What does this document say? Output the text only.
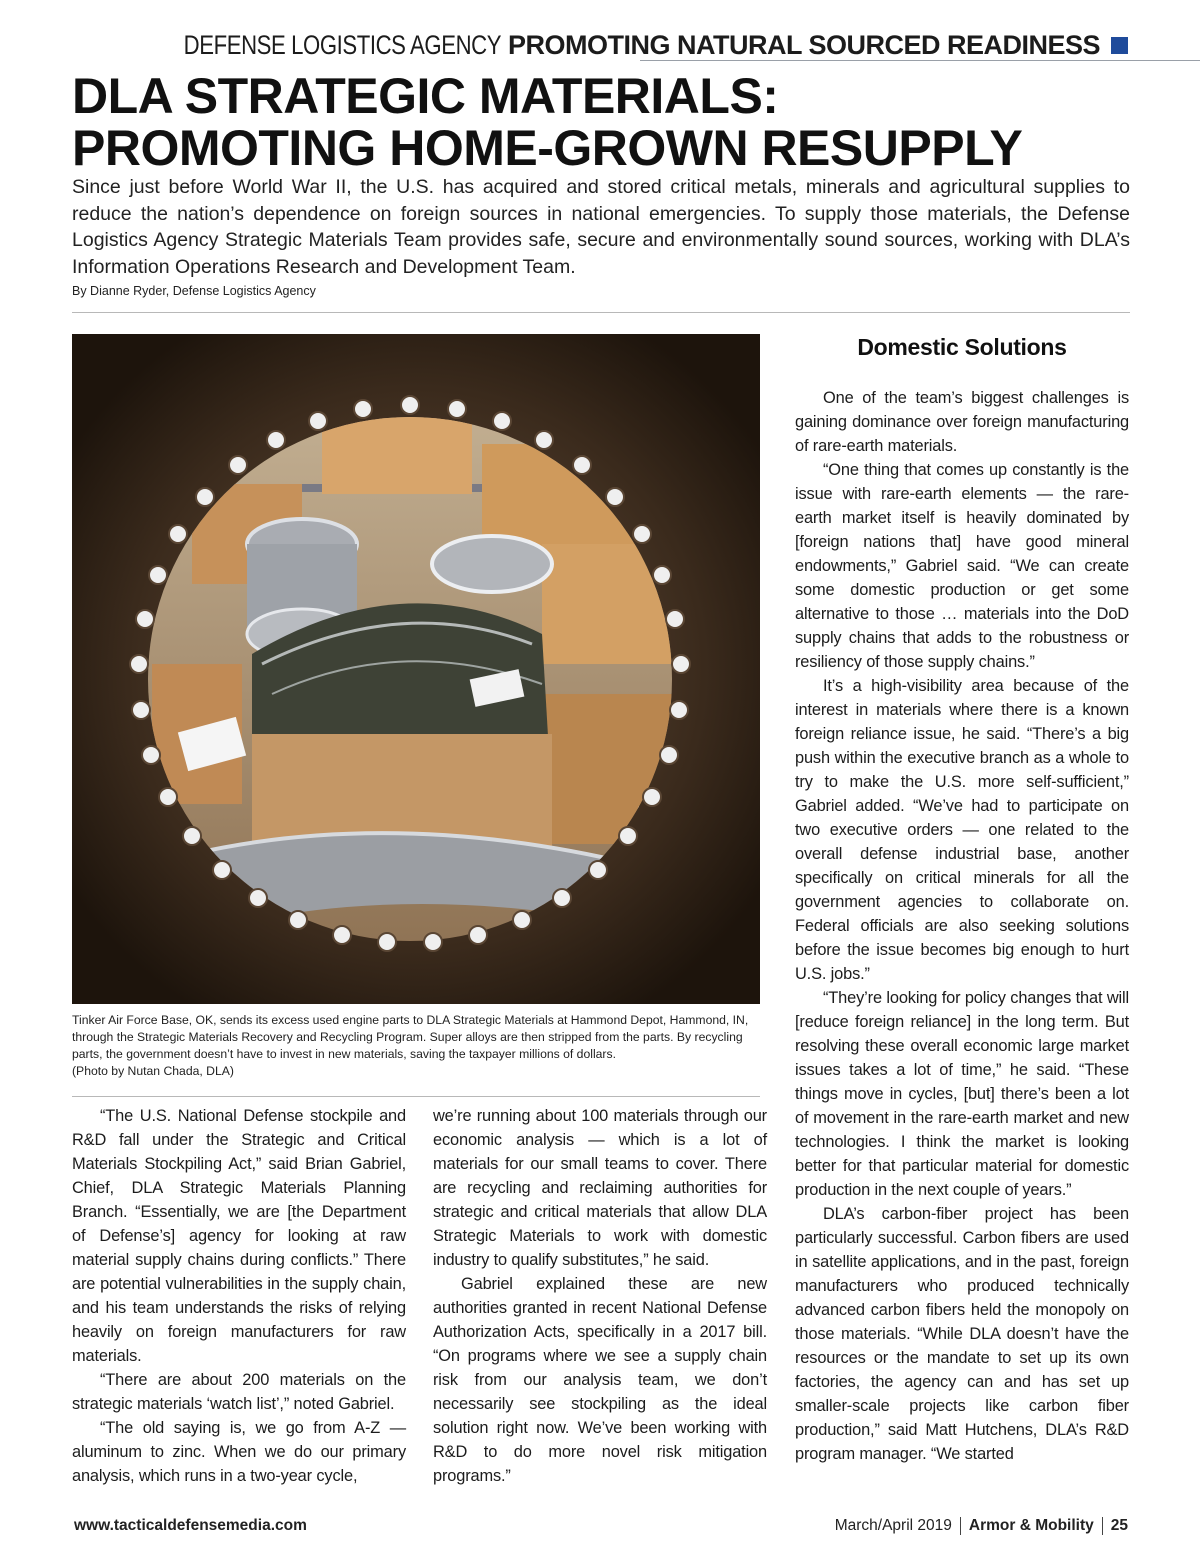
DEFENSE LOGISTICS AGENCY PROMOTING NATURAL SOURCED READINESS
DLA STRATEGIC MATERIALS:
PROMOTING HOME-GROWN RESUPPLY

Since just before World War II, the U.S. has acquired and stored critical metals, minerals and agricultural supplies to reduce the nation’s dependence on foreign sources in national emergencies. To supply those materials, the Defense Logistics Agency Strategic Materials Team provides safe, secure and environmentally sound sources, working with DLA’s Information Operations Research and Development Team.

By Dianne Ryder, Defense Logistics Agency

Tinker Air Force Base, OK, sends its excess used engine parts to DLA Strategic Materials at Hammond Depot, Hammond, IN, through the Strategic Materials Recovery and Recycling Program. Super alloys are then stripped from the parts. By recycling parts, the government doesn’t have to invest in new materials, saving the taxpayer millions of dollars.

(Photo by Nutan Chada, DLA)

“The U.S. National Defense stockpile and R&D fall under the Strategic and Critical Materials Stockpiling Act,” said Brian Gabriel, Chief, DLA Strategic Materials Planning Branch. “Essentially, we are [the Department of Defense’s] agency for looking at raw material supply chains during conflicts.” There are potential vulnerabilities in the supply chain, and his team understands the risks of relying heavily on foreign manufacturers for raw materials.

“There are about 200 materials on the strategic materials ‘watch list’,” noted Gabriel.

“The old saying is, we go from A-Z — aluminum to zinc. When we do our primary analysis, which runs in a two-year cycle,

we’re running about 100 materials through our economic analysis — which is a lot of materials for our small teams to cover. There are recycling and reclaiming authorities for strategic and critical materials that allow DLA Strategic Materials to work with domestic industry to qualify substitutes,” he said.

Gabriel explained these are new authorities granted in recent National Defense Authorization Acts, specifically in a 2017 bill. “On programs where we see a supply chain risk from our analysis team, we don’t necessarily see stockpiling as the ideal solution right now. We’ve been working with R&D to do more novel risk mitigation programs.”

Domestic Solutions

One of the team’s biggest challenges is gaining dominance over foreign manufacturing of rare-earth materials.

“One thing that comes up constantly is the issue with rare-earth elements — the rare-earth market itself is heavily dominated by [foreign nations that] have good mineral endowments,” Gabriel said. “We can create some domestic production or get some alternative to those … materials into the DoD supply chains that adds to the robustness or resiliency of those supply chains.”

It’s a high-visibility area because of the interest in materials where there is a known foreign reliance issue, he said. “There’s a big push within the executive branch as a whole to try to make the U.S. more self-sufficient,” Gabriel added. “We’ve had to participate on two executive orders — one related to the overall defense industrial base, another specifically on critical minerals for all the government agencies to collaborate on. Federal officials are also seeking solutions before the issue becomes big enough to hurt U.S. jobs.”

“They’re looking for policy changes that will [reduce foreign reliance] in the long term. But resolving these overall economic large market issues takes a lot of time,” he said. “These things move in cycles, [but] there’s been a lot of movement in the rare-earth market and new technologies. I think the market is looking better for that particular material for domestic production in the next couple of years.”

DLA’s carbon-fiber project has been particularly successful. Carbon fibers are used in satellite applications, and in the past, foreign manufacturers who produced technically advanced carbon fibers held the monopoly on those materials. “While DLA doesn’t have the resources or the mandate to set up its own factories, the agency can and has set up smaller-scale projects like carbon fiber production,” said Matt Hutchens, DLA’s R&D program manager. “We started

www.tacticaldefensemedia.com	March/April 2019 Armor & Mobility 25
